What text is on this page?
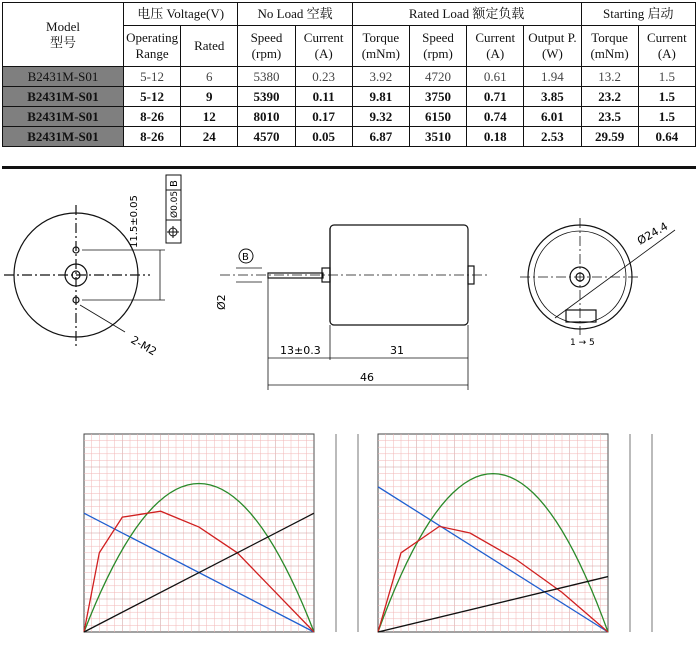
Model
型号	电压 Voltage(V)		No Load 空载		Rated Load 额定负载				Starting 启动	
	Operating Range	Rated	Speed (rpm)	Current (A)	Torque (mNm)	Speed (rpm)	Current (A)	Output P. (W)	Torque (mNm)	Current (A)
B2431M-S01	5-12	6	5380	0.23	3.92	4720	0.61	1.94	13.2	1.5
B2431M-S01	5-12	9	5390	0.11	9.81	3750	0.71	3.85	23.2	1.5
B2431M-S01	8-26	12	8010	0.17	9.32	6150	0.74	6.01	23.5	1.5
B2431M-S01	8-26	24	4570	0.05	6.87	3510	0.18	2.53	29.59	0.64
11.5±0.05
B
Ø0.05
2-M2
B
Ø2
13±0.3	31
46
Ø24.4
1 → 5
